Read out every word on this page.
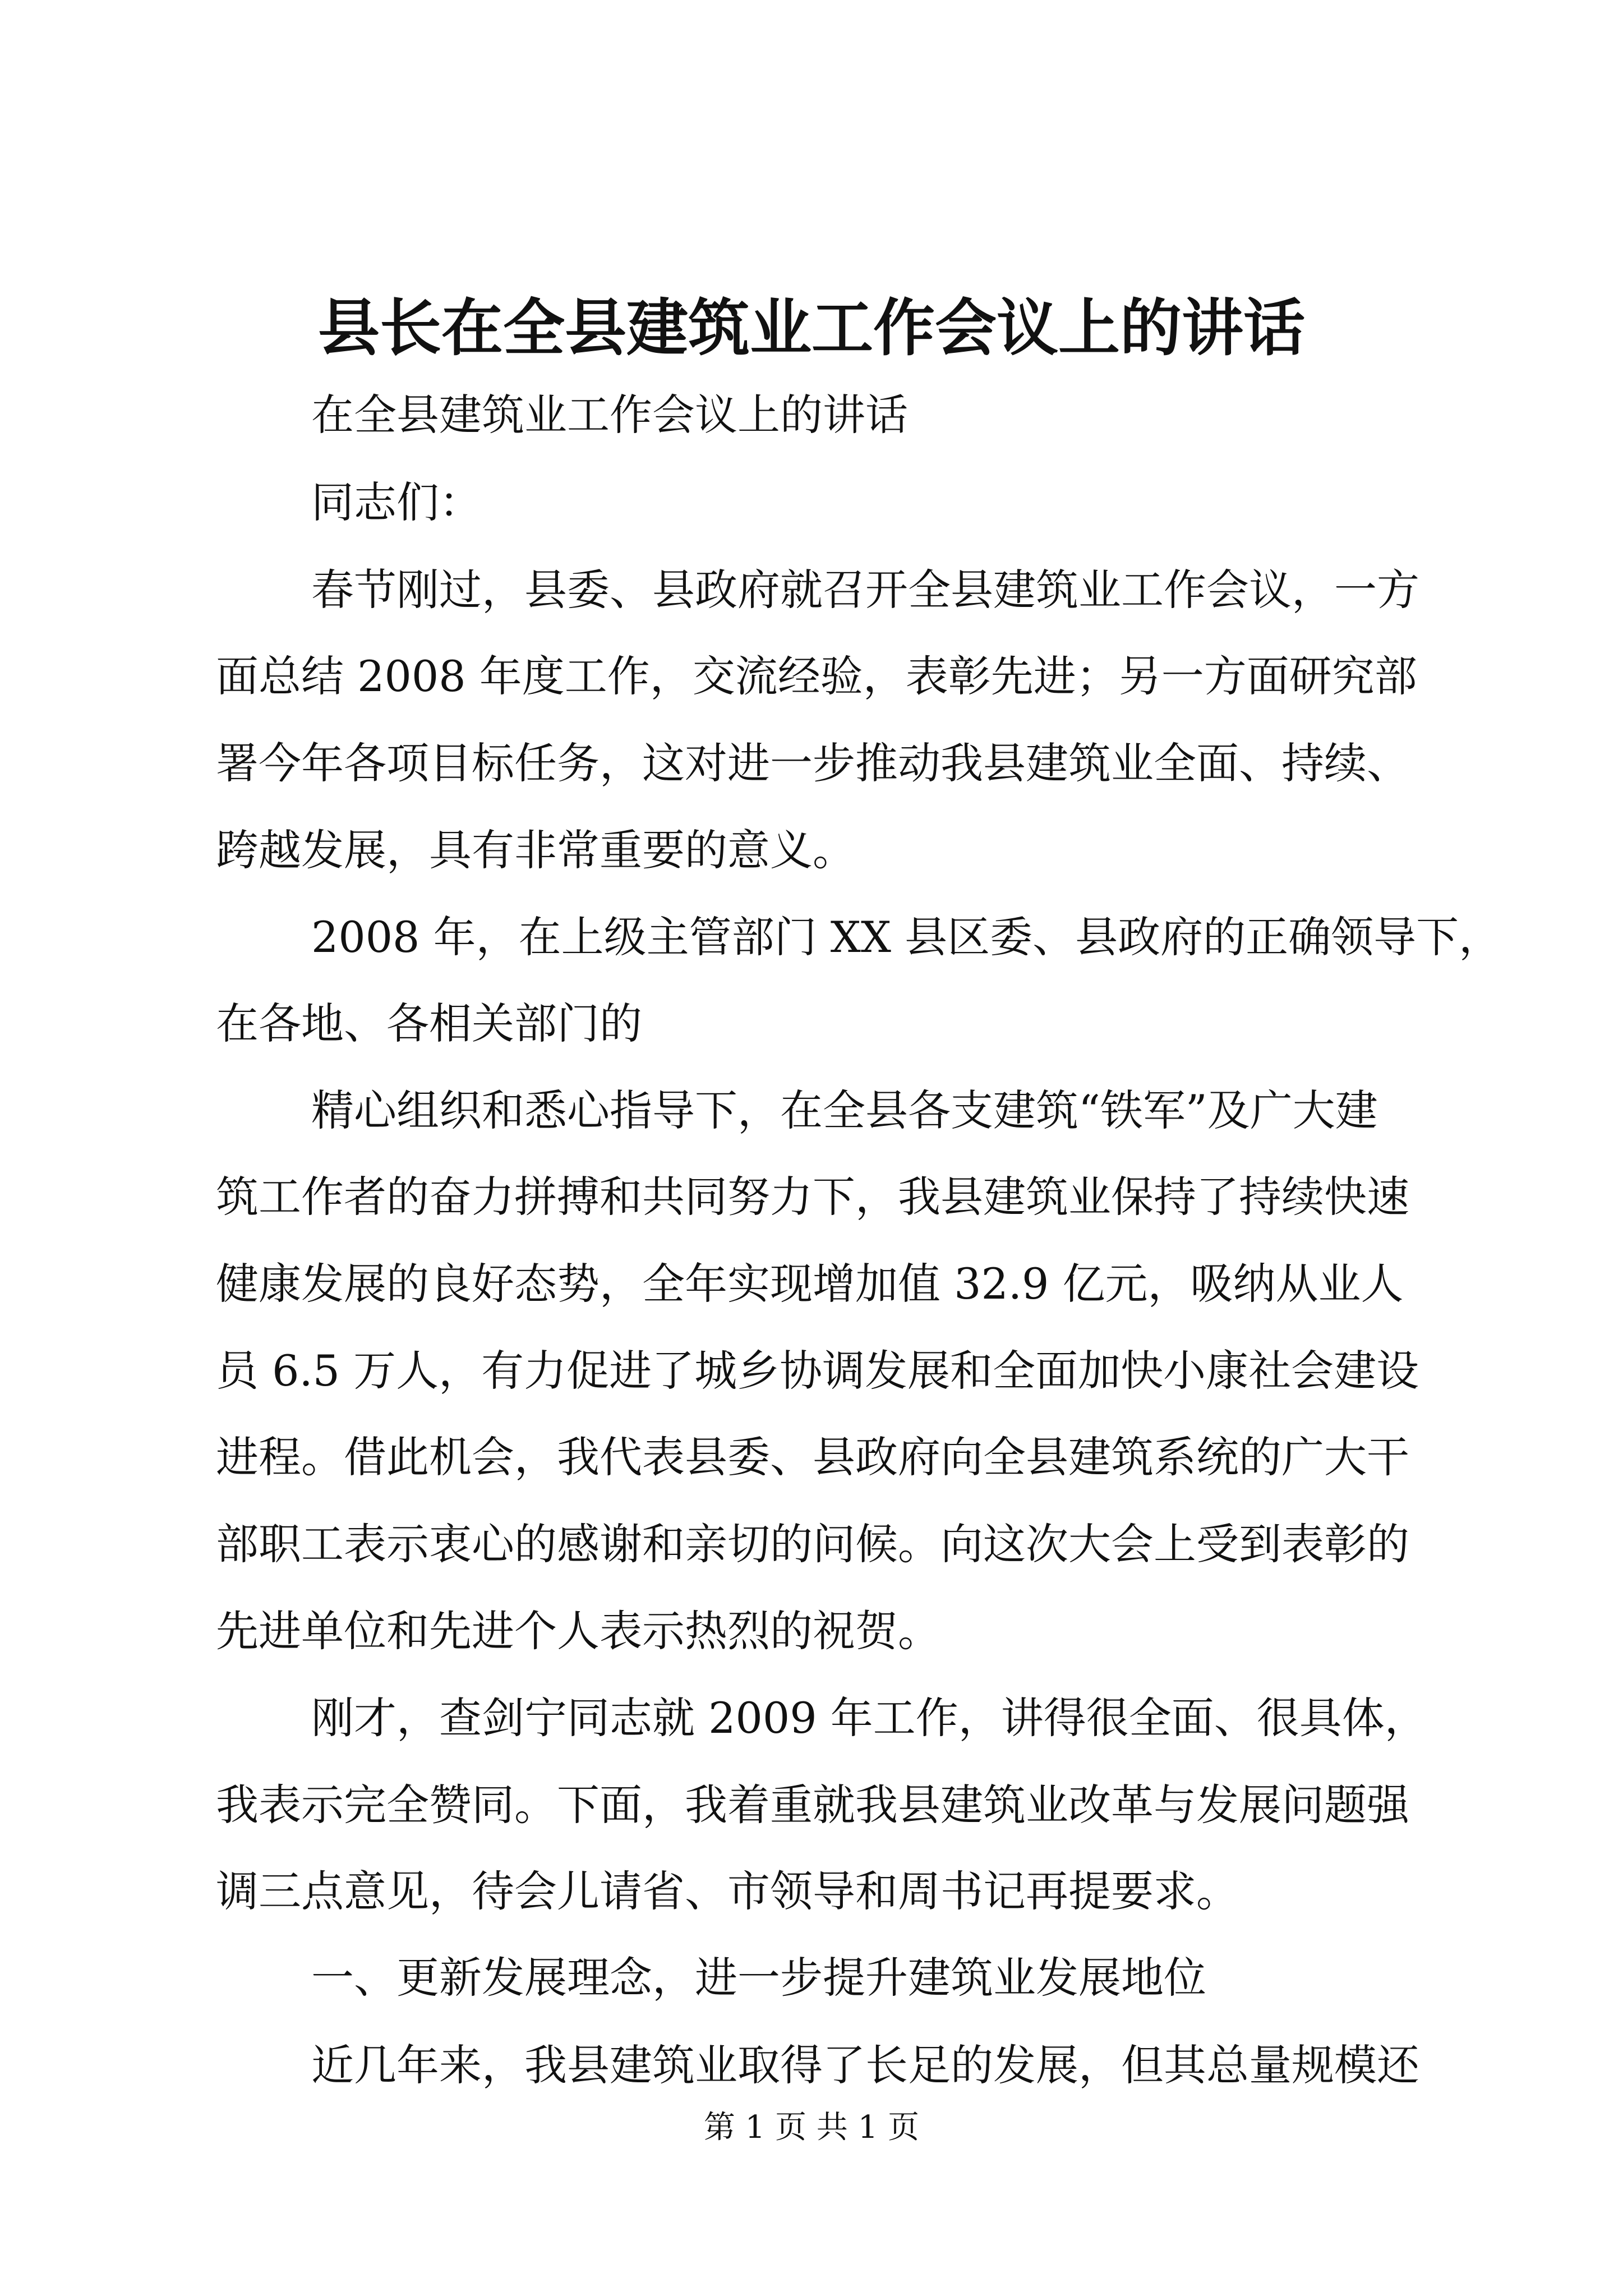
县长在全县建筑业工作会议上的讲话

在全县建筑业工作会议上的讲话

同志们：

春节刚过，县委、县政府就召开全县建筑业工作会议，一方

面总结 2008 年度工作，交流经验，表彰先进；另一方面研究部

署今年各项目标任务，这对进一步推动我县建筑业全面、持续、

跨越发展，具有非常重要的意义。

2008 年，在上级主管部门 XX 县区委、县政府的正确领导下，

在各地、各相关部门的

精心组织和悉心指导下，在全县各支建筑“铁军”及广大建

筑工作者的奋力拼搏和共同努力下，我县建筑业保持了持续快速

健康发展的良好态势，全年实现增加值 32.9 亿元，吸纳从业人

员 6.5 万人，有力促进了城乡协调发展和全面加快小康社会建设

进程。借此机会，我代表县委、县政府向全县建筑系统的广大干

部职工表示衷心的感谢和亲切的问候。向这次大会上受到表彰的

先进单位和先进个人表示热烈的祝贺。

刚才，查剑宁同志就 2009 年工作，讲得很全面、很具体，

我表示完全赞同。下面，我着重就我县建筑业改革与发展问题强

调三点意见，待会儿请省、市领导和周书记再提要求。

一、更新发展理念，进一步提升建筑业发展地位

近几年来，我县建筑业取得了长足的发展，但其总量规模还

第 1 页 共 1 页
